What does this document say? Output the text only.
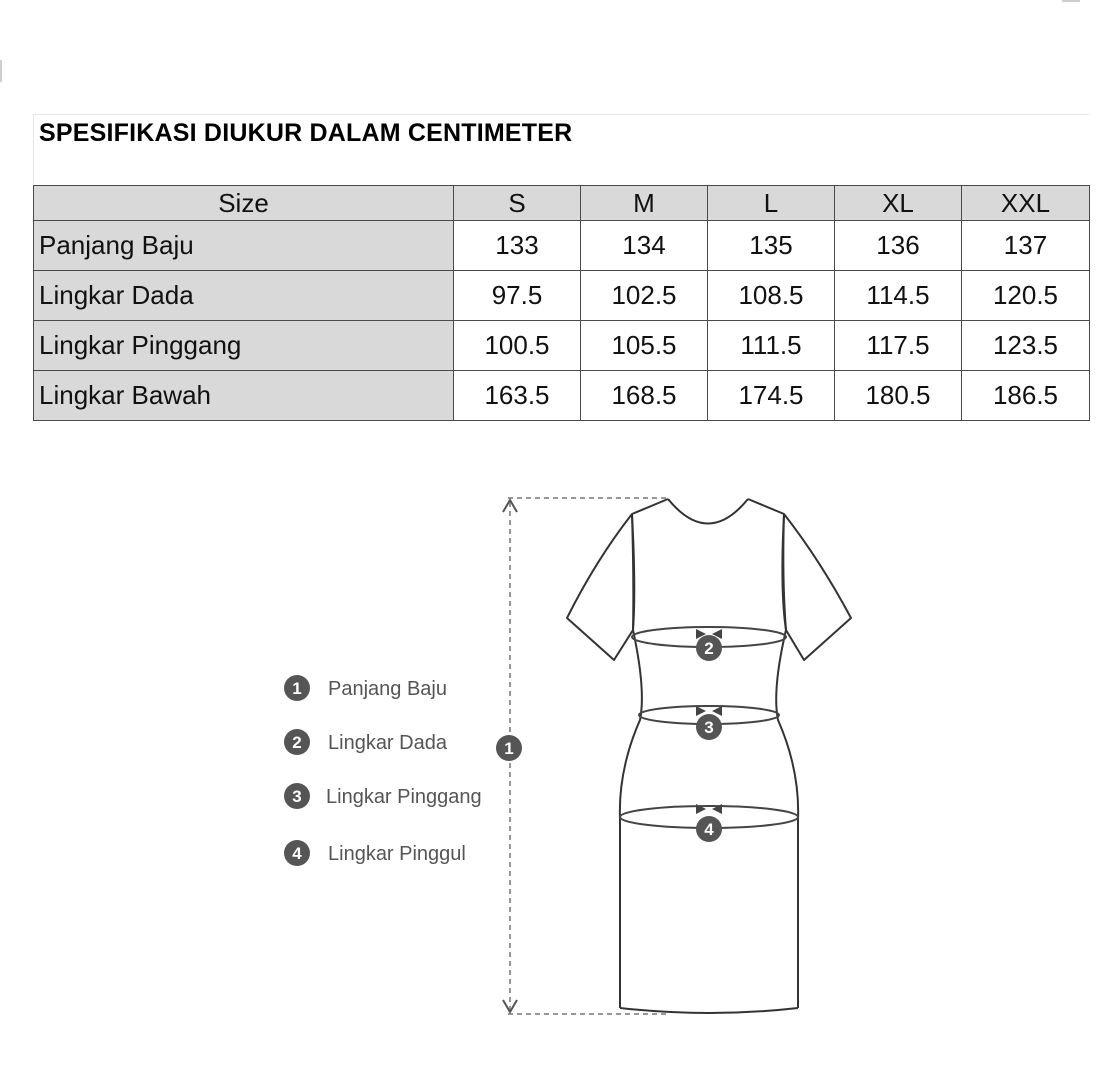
SPESIFIKASI DIUKUR DALAM CENTIMETER
Size	S	M	L	XL	XXL
Panjang Baju	133	134	135	136	137
Lingkar Dada	97.5	102.5	108.5	114.5	120.5
Lingkar Pinggang	100.5	105.5	111.5	117.5	123.5
Lingkar Bawah	163.5	168.5	174.5	180.5	186.5
1
2
3
4
1 Panjang Baju
2 Lingkar Dada
3 Lingkar Pinggang
4 Lingkar Pinggul
